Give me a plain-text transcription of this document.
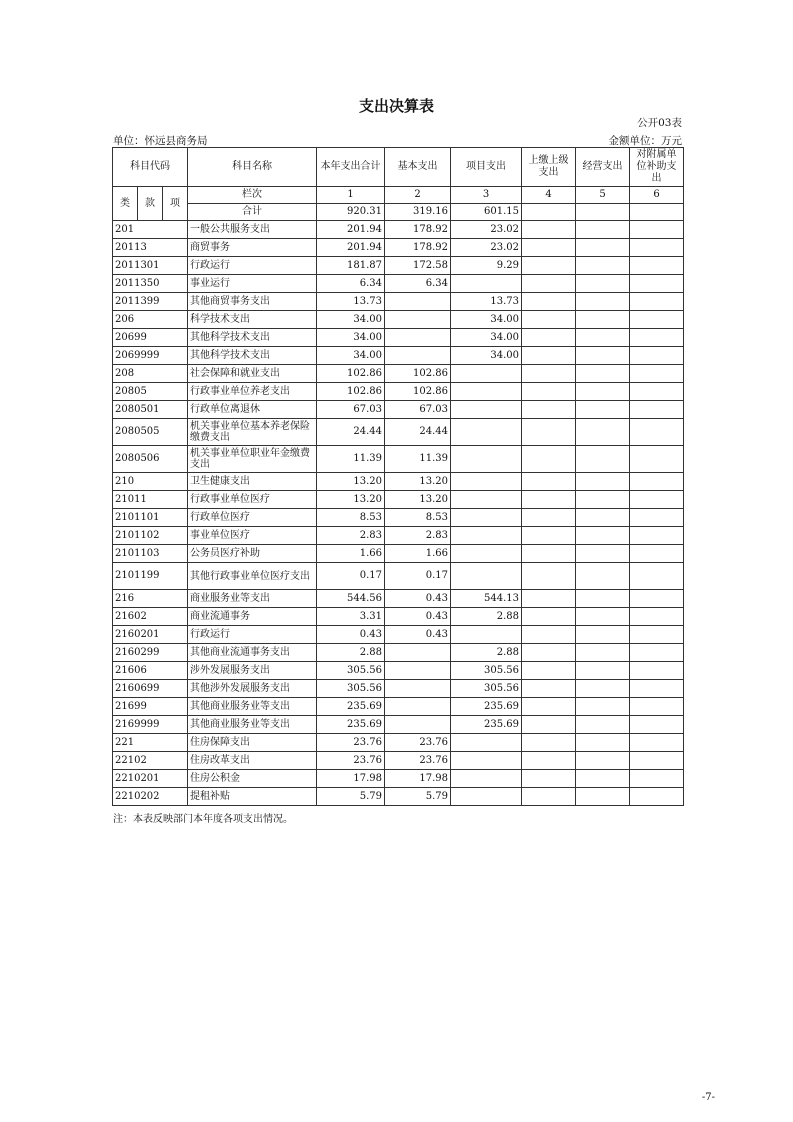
支出决算表
公开03表
单位：怀远县商务局	金额单位：万元
科目代码			科目名称	本年支出合计	基本支出	项目支出	上缴上级支出	经营支出	对附属单位补助支出
类	款	项	栏次	1	2	3	4	5	6
			合计	920.31	319.16	601.15			
201			一般公共服务支出	201.94	178.92	23.02			
20113			商贸事务	201.94	178.92	23.02			
2011301			行政运行	181.87	172.58	9.29			
2011350			事业运行	6.34	6.34				
2011399			其他商贸事务支出	13.73		13.73			
206			科学技术支出	34.00		34.00			
20699			其他科学技术支出	34.00		34.00			
2069999			其他科学技术支出	34.00		34.00			
208			社会保障和就业支出	102.86	102.86				
20805			行政事业单位养老支出	102.86	102.86				
2080501			行政单位离退休	67.03	67.03				
2080505			机关事业单位基本养老保险缴费支出	24.44	24.44				
2080506			机关事业单位职业年金缴费支出	11.39	11.39				
210			卫生健康支出	13.20	13.20				
21011			行政事业单位医疗	13.20	13.20				
2101101			行政单位医疗	8.53	8.53				
2101102			事业单位医疗	2.83	2.83				
2101103			公务员医疗补助	1.66	1.66				
2101199			其他行政事业单位医疗支出	0.17	0.17				
216			商业服务业等支出	544.56	0.43	544.13			
21602			商业流通事务	3.31	0.43	2.88			
2160201			行政运行	0.43	0.43				
2160299			其他商业流通事务支出	2.88		2.88			
21606			涉外发展服务支出	305.56		305.56			
2160699			其他涉外发展服务支出	305.56		305.56			
21699			其他商业服务业等支出	235.69		235.69			
2169999			其他商业服务业等支出	235.69		235.69			
221			住房保障支出	23.76	23.76				
22102			住房改革支出	23.76	23.76				
2210201			住房公积金	17.98	17.98				
2210202			提租补贴	5.79	5.79				
注：本表反映部门本年度各项支出情况。
-7-
